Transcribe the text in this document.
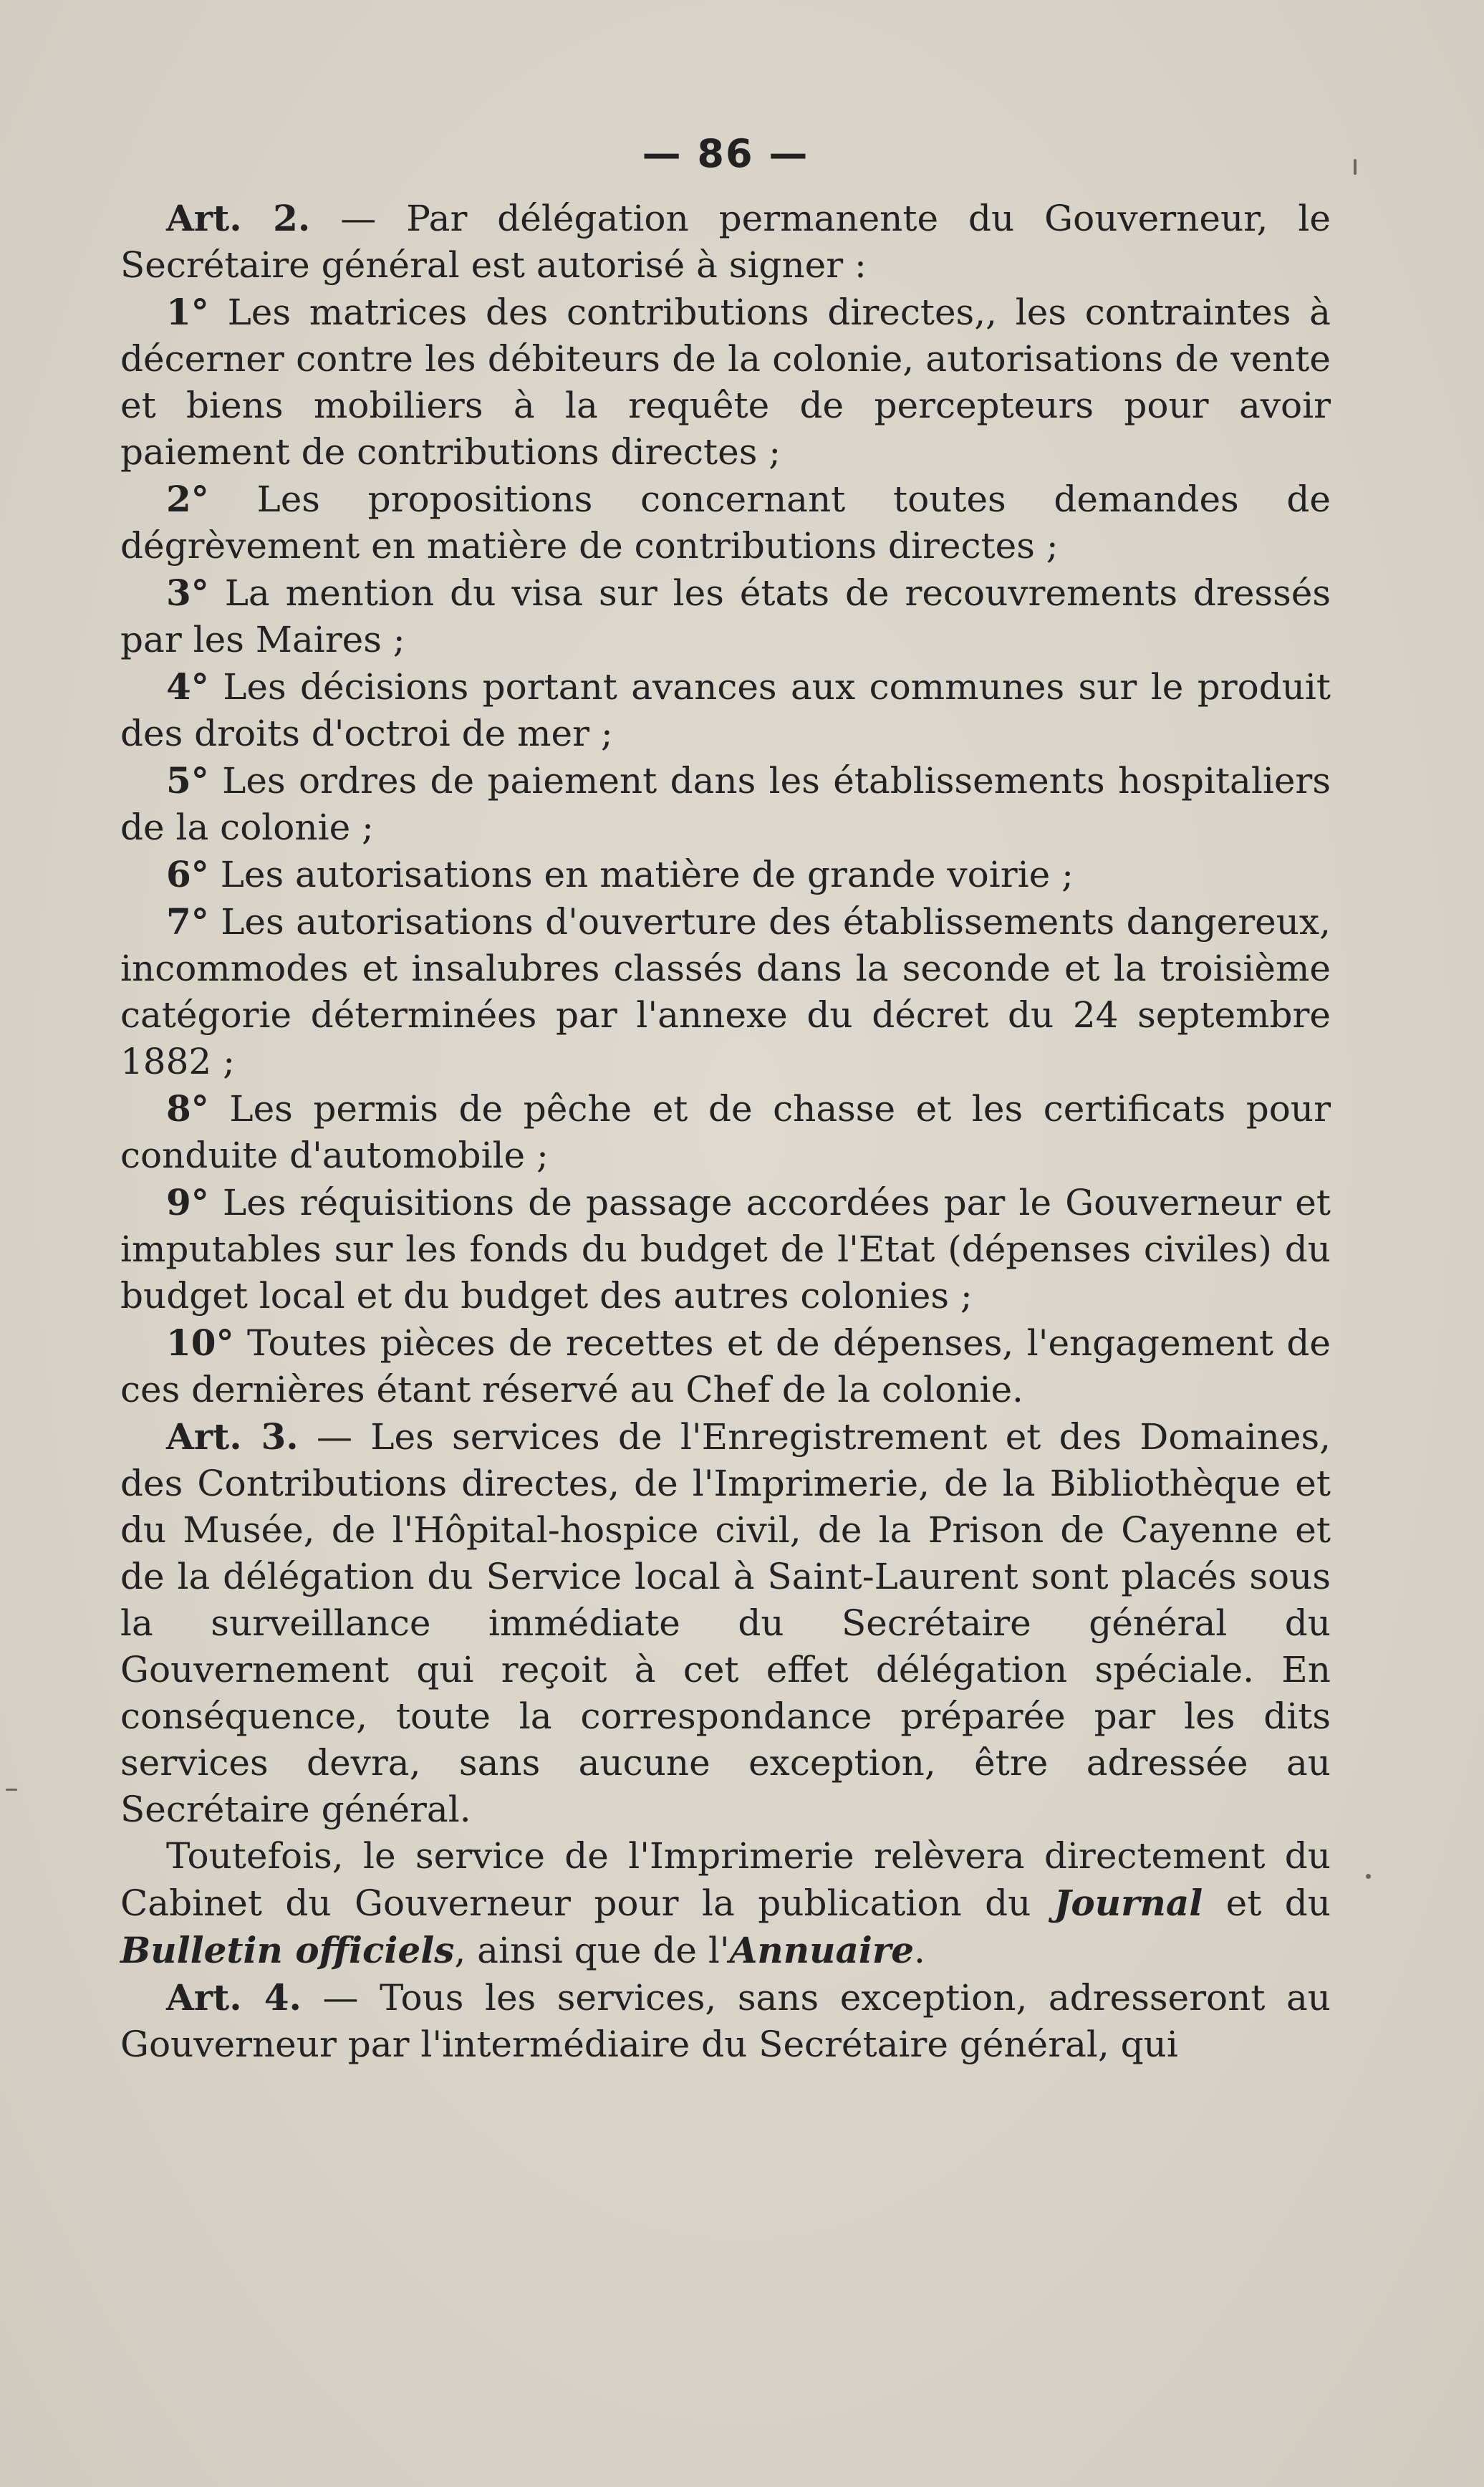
— 86 —

Art. 2. — Par délégation permanente du Gouverneur, le Secrétaire général est autorisé à signer :

1° Les matrices des contributions directes,, les contraintes à décerner contre les débiteurs de la colonie, autorisations de vente et biens mobiliers à la requête de percepteurs pour avoir paiement de contributions directes ;

2° Les propositions concernant toutes demandes de dégrèvement en matière de contributions directes ;

3° La mention du visa sur les états de recouvrements dressés par les Maires ;

4° Les décisions portant avances aux communes sur le produit des droits d'octroi de mer ;

5° Les ordres de paiement dans les établissements hospitaliers de la colonie ;

6° Les autorisations en matière de grande voirie ;

7° Les autorisations d'ouverture des établissements dangereux, incommodes et insalubres classés dans la seconde et la troisième catégorie déterminées par l'annexe du décret du 24 septembre 1882 ;

8° Les permis de pêche et de chasse et les certificats pour conduite d'automobile ;

9° Les réquisitions de passage accordées par le Gouverneur et imputables sur les fonds du budget de l'Etat (dépenses civiles) du budget local et du budget des autres colonies ;

10° Toutes pièces de recettes et de dépenses, l'engagement de ces dernières étant réservé au Chef de la colonie.

Art. 3. — Les services de l'Enregistrement et des Domaines, des Contributions directes, de l'Imprimerie, de la Bibliothèque et du Musée, de l'Hôpital-hospice civil, de la Prison de Cayenne et de la délégation du Service local à Saint-Laurent sont placés sous la surveillance immédiate du Secrétaire général du Gouvernement qui reçoit à cet effet délégation spéciale. En conséquence, toute la correspondance préparée par les dits services devra, sans aucune exception, être adressée au Secrétaire général.

Toutefois, le service de l'Imprimerie relèvera directement du Cabinet du Gouverneur pour la publication du Journal et du Bulletin officiels, ainsi que de l'Annuaire.

Art. 4. — Tous les services, sans exception, adresseront au Gouverneur par l'intermédiaire du Secrétaire général, qui
